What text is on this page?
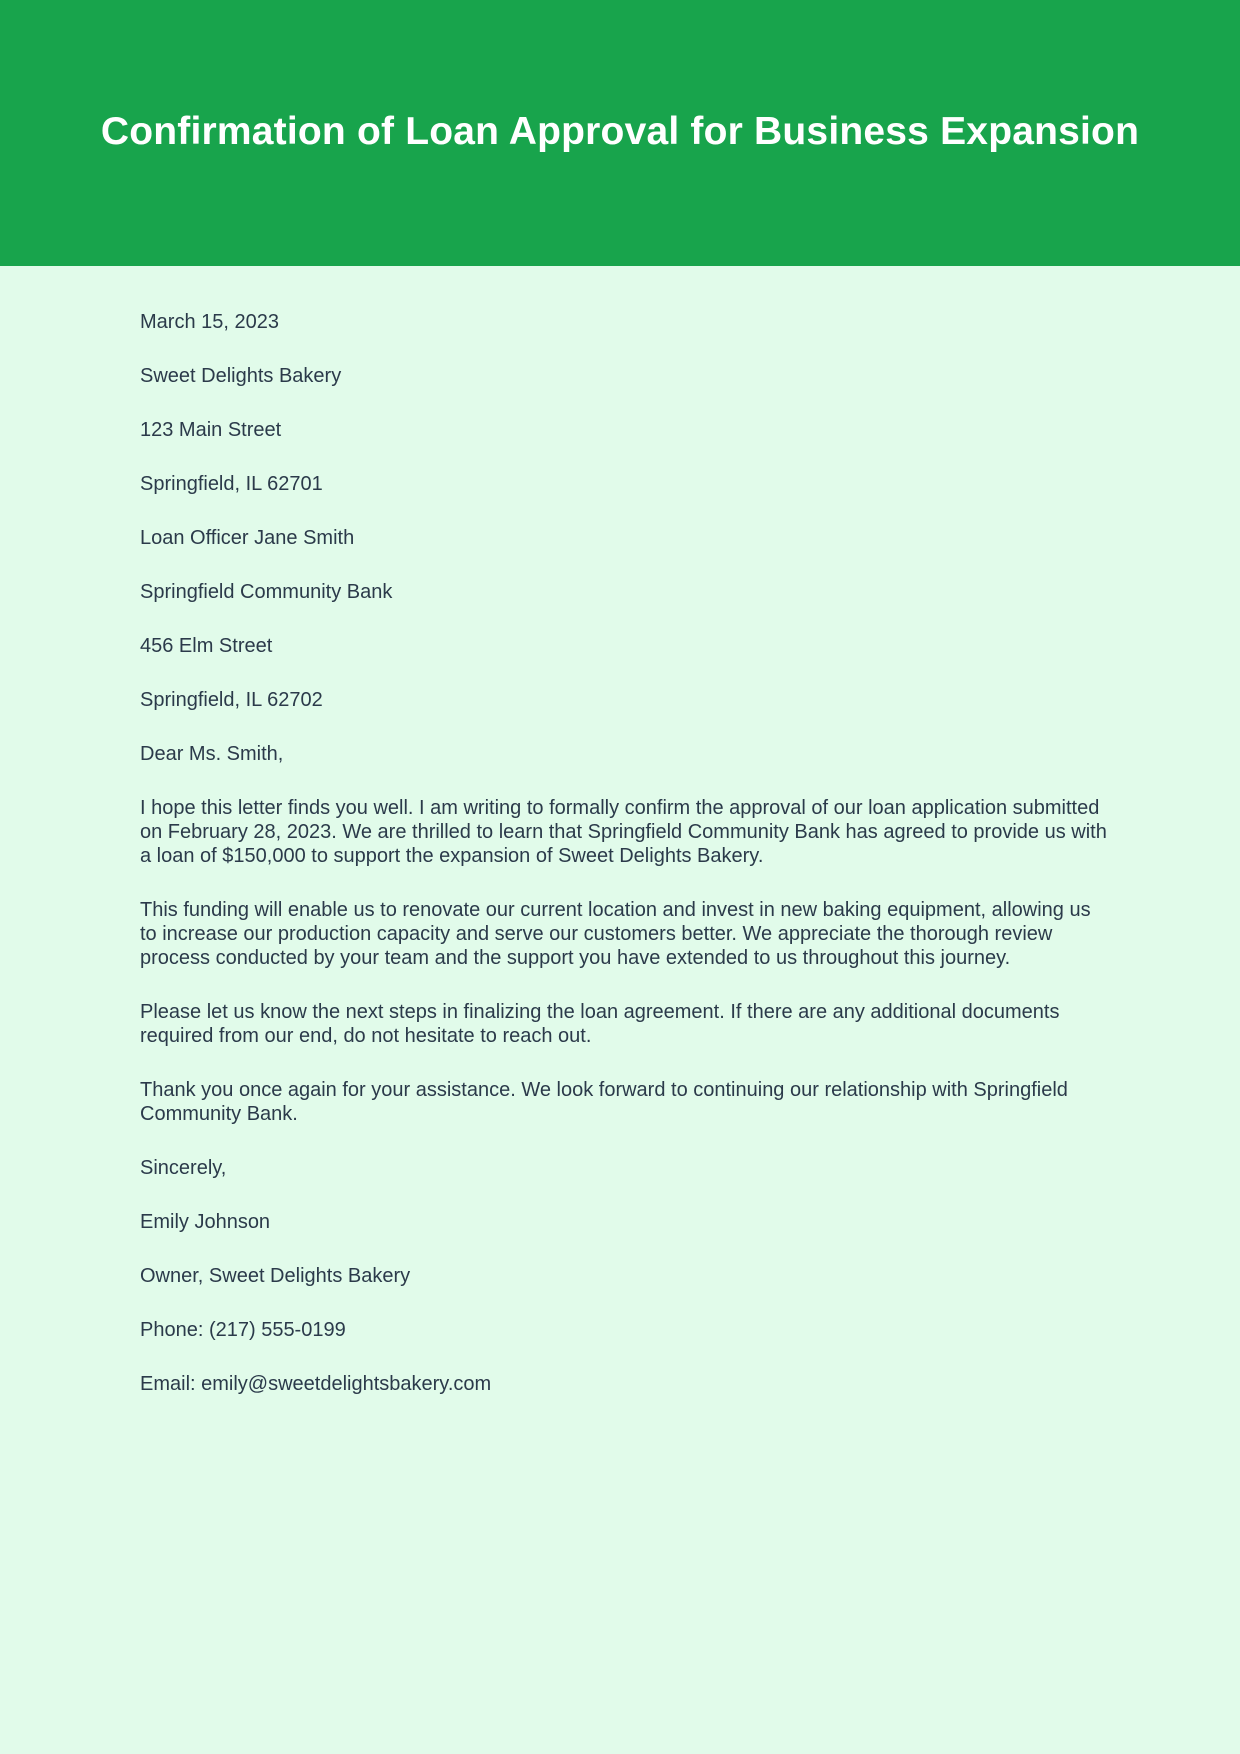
Confirmation of Loan Approval for Business Expansion

March 15, 2023

Sweet Delights Bakery

123 Main Street

Springfield, IL 62701

Loan Officer Jane Smith

Springfield Community Bank

456 Elm Street

Springfield, IL 62702

Dear Ms. Smith,

I hope this letter finds you well. I am writing to formally confirm the approval of our loan application submitted on February 28, 2023. We are thrilled to learn that Springfield Community Bank has agreed to provide us with a loan of $150,000 to support the expansion of Sweet Delights Bakery.

This funding will enable us to renovate our current location and invest in new baking equipment, allowing us to increase our production capacity and serve our customers better. We appreciate the thorough review process conducted by your team and the support you have extended to us throughout this journey.

Please let us know the next steps in finalizing the loan agreement. If there are any additional documents required from our end, do not hesitate to reach out.

Thank you once again for your assistance. We look forward to continuing our relationship with Springfield Community Bank.

Sincerely,

Emily Johnson

Owner, Sweet Delights Bakery

Phone: (217) 555-0199

Email: emily@sweetdelightsbakery.com
